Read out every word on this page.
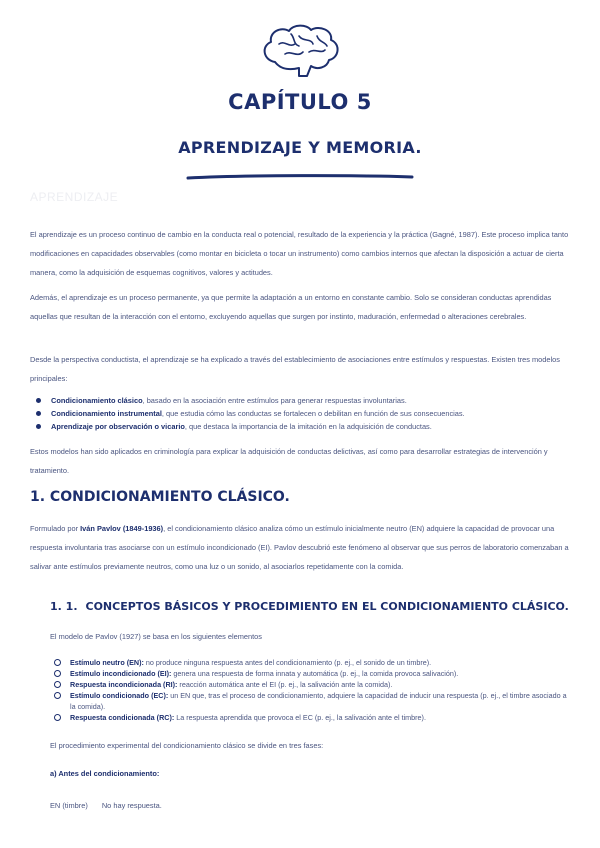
CAPÍTULO 5
APRENDIZAJE Y MEMORIA.
APRENDIZAJE
El aprendizaje es un proceso continuo de cambio en la conducta real o potencial, resultado de la experiencia y la práctica (Gagné, 1987). Este proceso implica tanto modificaciones en capacidades observables (como montar en bicicleta o tocar un instrumento) como cambios internos que afectan la disposición a actuar de cierta manera, como la adquisición de esquemas cognitivos, valores y actitudes.
Además, el aprendizaje es un proceso permanente, ya que permite la adaptación a un entorno en constante cambio. Solo se consideran conductas aprendidas aquellas que resultan de la interacción con el entorno, excluyendo aquellas que surgen por instinto, maduración, enfermedad o alteraciones cerebrales.
Desde la perspectiva conductista, el aprendizaje se ha explicado a través del establecimiento de asociaciones entre estímulos y respuestas. Existen tres modelos principales:
Condicionamiento clásico, basado en la asociación entre estímulos para generar respuestas involuntarias.
Condicionamiento instrumental, que estudia cómo las conductas se fortalecen o debilitan en función de sus consecuencias.
Aprendizaje por observación o vicario, que destaca la importancia de la imitación en la adquisición de conductas.
Estos modelos han sido aplicados en criminología para explicar la adquisición de conductas delictivas, así como para desarrollar estrategias de intervención y tratamiento.
1. CONDICIONAMIENTO CLÁSICO.
Formulado por Iván Pavlov (1849-1936), el condicionamiento clásico analiza cómo un estímulo inicialmente neutro (EN) adquiere la capacidad de provocar una respuesta involuntaria tras asociarse con un estímulo incondicionado (EI). Pavlov descubrió este fenómeno al observar que sus perros de laboratorio comenzaban a salivar ante estímulos previamente neutros, como una luz o un sonido, al asociarlos repetidamente con la comida.
1. 1. CONCEPTOS BÁSICOS Y PROCEDIMIENTO EN EL CONDICIONAMIENTO CLÁSICO.
El modelo de Pavlov (1927) se basa en los siguientes elementos
Estímulo neutro (EN): no produce ninguna respuesta antes del condicionamiento (p. ej., el sonido de un timbre).
Estímulo incondicionado (EI): genera una respuesta de forma innata y automática (p. ej., la comida provoca salivación).
Respuesta incondicionada (RI): reacción automática ante el EI (p. ej., la salivación ante la comida).
Estímulo condicionado (EC): un EN que, tras el proceso de condicionamiento, adquiere la capacidad de inducir una respuesta (p. ej., el timbre asociado a la comida).
Respuesta condicionada (RC): La respuesta aprendida que provoca el EC (p. ej., la salivación ante el timbre).
El procedimiento experimental del condicionamiento clásico se divide en tres fases:
a) Antes del condicionamiento:
EN (timbre) No hay respuesta.
